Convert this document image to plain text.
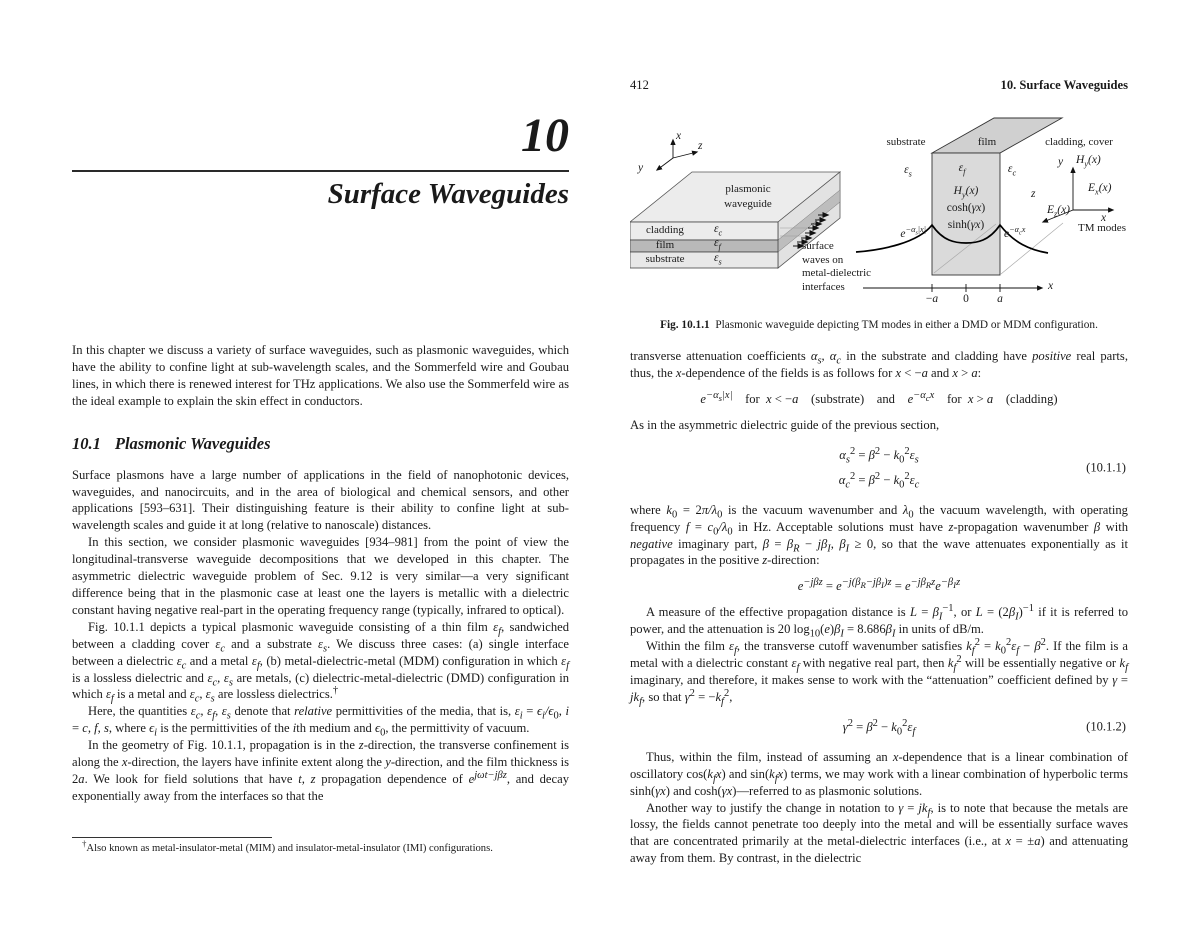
10
Surface Waveguides

In this chapter we discuss a variety of surface waveguides, such as plasmonic waveguides, which have the ability to confine light at sub-wavelength scales, and the Sommerfeld wire and Goubau lines, in which there is renewed interest for THz applications. We also use the Sommerfeld wire as the ideal example to explain the skin effect in conductors.

10.1 Plasmonic Waveguides

Surface plasmons have a large number of applications in the field of nanophotonic devices, waveguides, and nanocircuits, and in the area of biological and chemical sensors, and other applications [593–631]. Their distinguishing feature is their ability to confine light at sub-wavelength scales and guide it at long (relative to nanoscale) distances.

In this section, we consider plasmonic waveguides [934–981] from the point of view the longitudinal-transverse waveguide decompositions that we developed in this chapter. The asymmetric dielectric waveguide problem of Sec. 9.12 is very similar—a very significant difference being that in the plasmonic case at least one the layers is metallic with a dielectric constant having negative real-part in the operating frequency range (typically, infrared to optical).

Fig. 10.1.1 depicts a typical plasmonic waveguide consisting of a thin film $\varepsilon_f$, sandwiched between a cladding cover $\varepsilon_c$ and a substrate $\varepsilon_s$. We discuss three cases: (a) single interface between a dielectric $\varepsilon_c$ and a metal $\varepsilon_f$, (b) metal-dielectric-metal (MDM) configuration in which $\varepsilon_f$ is a lossless dielectric and $\varepsilon_c$, $\varepsilon_s$ are metals, (c) dielectric-metal-dielectric (DMD) configuration in which $\varepsilon_f$ is a metal and $\varepsilon_c$, $\varepsilon_s$ are lossless dielectrics.†

Here, the quantities $\varepsilon_c$, $\varepsilon_f$, $\varepsilon_s$ denote that relative permittivities of the media, that is, $\varepsilon_i = \epsilon_i/\epsilon_0$, i = c, f, s, where $\epsilon_i$ is the permittivities of the ith medium and $\epsilon_0$, the permittivity of vacuum.

In the geometry of Fig. 10.1.1, propagation is in the z-direction, the transverse confinement is along the x-direction, the layers have infinite extent along the y-direction, and the film thickness is 2a. We look for field solutions that have t, z propagation dependence of $e^{j\omega t-j\beta z}$, and decay exponentially away from the interfaces so that the

†Also known as metal-insulator-metal (MIM) and insulator-metal-insulator (IMI) configurations.
412	10. Surface Waveguides
x
z
y
plasmonic
waveguide
cladding	$\varepsilon_c$
film	$\varepsilon_f$
substrate	$\varepsilon_s$
surface
waves on
metal-dielectric
interfaces
substrate	film	cladding, cover
$\varepsilon_s$	$\varepsilon_f$	$\varepsilon_c$
$H_y(x)$
cosh(γx)
sinh(γx)
$e^{-\alpha_s|x|}$	$e^{-\alpha_cx}$
−a	0	a
x
y $H_y(x)$
$E_x(x)$
x
z
$E_z(x)$
TM modes
Fig. 10.1.1  Plasmonic waveguide depicting TM modes in either a DMD or MDM configuration.

transverse attenuation coefficients $\alpha_s$, $\alpha_c$ in the substrate and cladding have positive real parts, thus, the x-dependence of the fields is as follows for x < −a and x > a:

$e^{-\alpha_s|x|}$  for x < −a  (substrate)  and  $e^{-\alpha_cx}$  for x > a  (cladding)

As in the asymmetric dielectric guide of the previous section,

$\alpha_s^2 = \beta^2 - k_0^2\varepsilon_s$
$\alpha_c^2 = \beta^2 - k_0^2\varepsilon_c$
(10.1.1)

where $k_0 = 2\pi/\lambda_0$ is the vacuum wavenumber and $\lambda_0$ the vacuum wavelength, with operating frequency $f = c_0/\lambda_0$ in Hz. Acceptable solutions must have z-propagation wavenumber β with negative imaginary part, $\beta = \beta_R - j\beta_I$, $\beta_I \ge 0$, so that the wave attenuates exponentially as it propagates in the positive z-direction:

$e^{-j\beta z} = e^{-j(\beta_R-j\beta_I)z} = e^{-j\beta_Rz}e^{-\beta_Iz}$

A measure of the effective propagation distance is $L = \beta_I^{-1}$, or $L = (2\beta_I)^{-1}$ if it is referred to power, and the attenuation is 20 $\log_{10}(e)\beta_I = 8.686\beta_I$ in units of dB/m.

Within the film $\varepsilon_f$, the transverse cutoff wavenumber satisfies $k_f^2 = k_0^2\varepsilon_f - \beta^2$. If the film is a metal with a dielectric constant $\varepsilon_f$ with negative real part, then $k_f^2$ will be essentially negative or $k_f$ imaginary, and therefore, it makes sense to work with the “attenuation” coefficient defined by $\gamma = jk_f$, so that $\gamma^2 = -k_f^2$,

$\gamma^2 = \beta^2 - k_0^2\varepsilon_f$	(10.1.2)

Thus, within the film, instead of assuming an x-dependence that is a linear combination of oscillatory $\cos(k_fx)$ and $\sin(k_fx)$ terms, we may work with a linear combination of hyperbolic terms sinh(γx) and cosh(γx)—referred to as plasmonic solutions.

Another way to justify the change in notation to $\gamma = jk_f$, is to note that because the metals are lossy, the fields cannot penetrate too deeply into the metal and will be essentially surface waves that are concentrated primarily at the metal-dielectric interfaces (i.e., at x = ±a) and attenuating away from them. By contrast, in the dielectric
